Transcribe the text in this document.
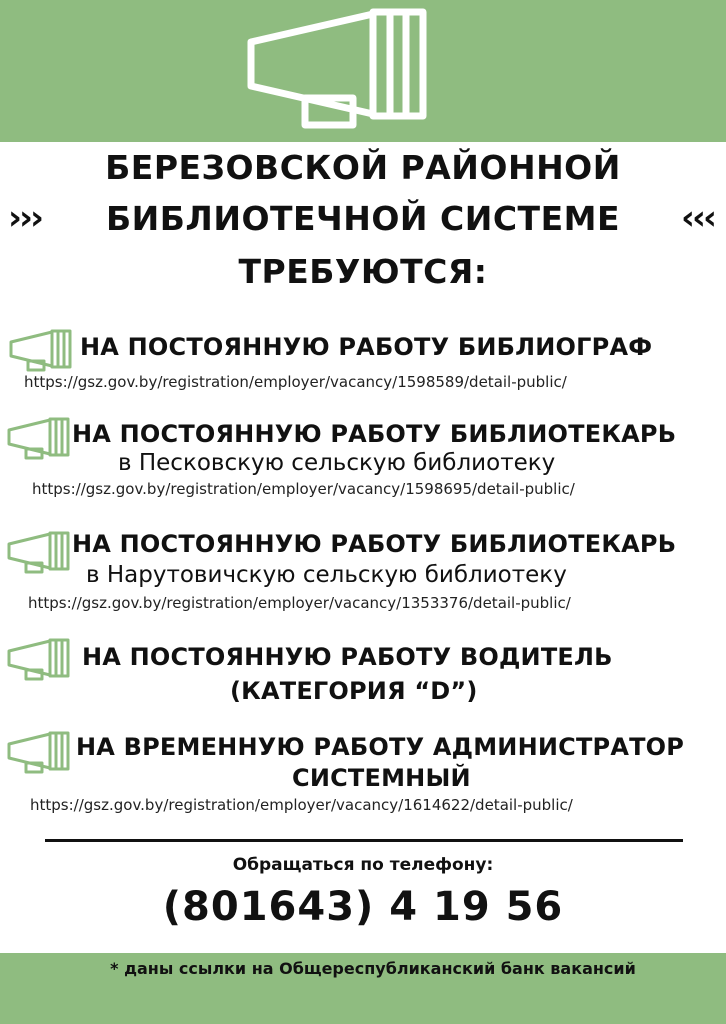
БЕРЕЗОВСКОЙ РАЙОННОЙ
›››	БИБЛИОТЕЧНОЙ СИСТЕМЕ	‹‹‹
ТРЕБУЮТСЯ:
НА ПОСТОЯННУЮ РАБОТУ БИБЛИОГРАФ
https://gsz.gov.by/registration/employer/vacancy/1598589/detail-public/
НА ПОСТОЯННУЮ РАБОТУ БИБЛИОТЕКАРЬ
в Песковскую сельскую библиотеку
https://gsz.gov.by/registration/employer/vacancy/1598695/detail-public/
НА ПОСТОЯННУЮ РАБОТУ БИБЛИОТЕКАРЬ
в Нарутовичскую сельскую библиотеку
https://gsz.gov.by/registration/employer/vacancy/1353376/detail-public/
НА ПОСТОЯННУЮ РАБОТУ ВОДИТЕЛЬ
(КАТЕГОРИЯ “D”)
НА ВРЕМЕННУЮ РАБОТУ АДМИНИСТРАТОР
СИСТЕМНЫЙ
https://gsz.gov.by/registration/employer/vacancy/1614622/detail-public/
Обращаться по телефону:
(801643) 4 19 56
* даны ссылки на Общереспубликанский банк вакансий
